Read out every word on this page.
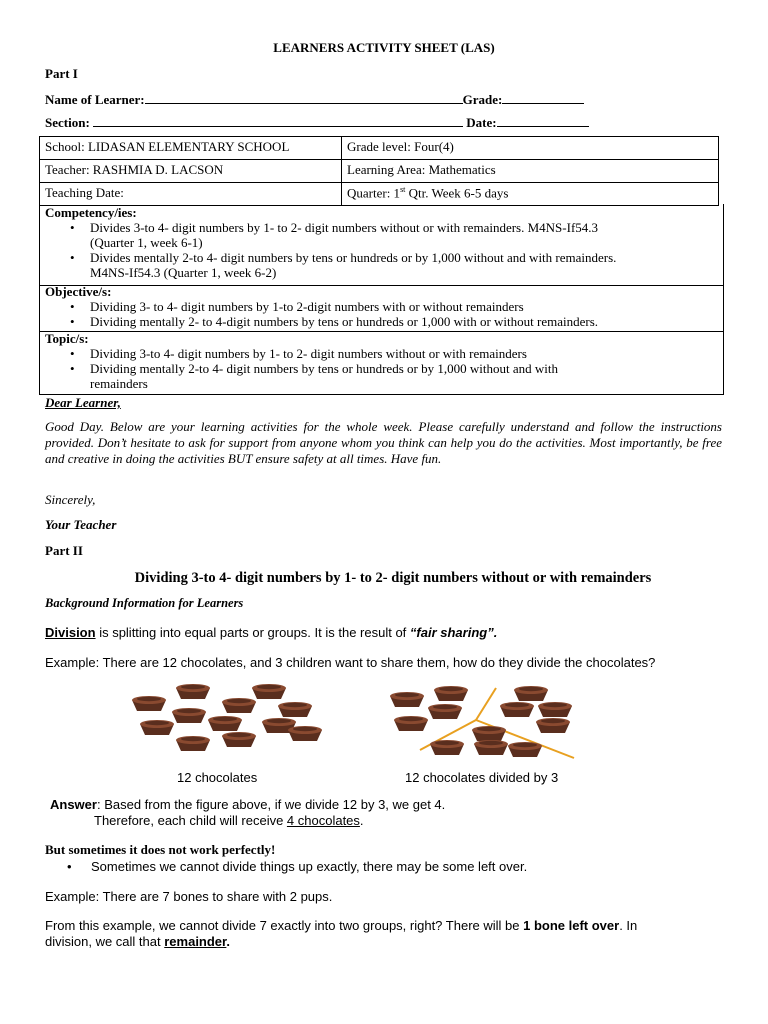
LEARNERS ACTIVITY SHEET (LAS)
Part I
Name of Learner:	Grade:
Section:	Date:
School: LIDASAN ELEMENTARY SCHOOL	Grade level: Four(4)
Teacher: RASHMIA D. LACSON	Learning Area: Mathematics
Teaching Date:	Quarter: 1st Qtr. Week 6-5 days
Competency/ies:
• Divides 3-to 4- digit numbers by 1- to 2- digit numbers without or with remainders. M4NS-If54.3
(Quarter 1, week 6-1)
• Divides mentally 2-to 4- digit numbers by tens or hundreds or by 1,000 without and with remainders.
M4NS-If54.3 (Quarter 1, week 6-2)
Objective/s:
• Dividing 3- to 4- digit numbers by 1-to 2-digit numbers with or without remainders
• Dividing mentally 2- to 4-digit numbers by tens or hundreds or 1,000 with or without remainders.
Topic/s:
• Dividing 3-to 4- digit numbers by 1- to 2- digit numbers without or with remainders
• Dividing mentally 2-to 4- digit numbers by tens or hundreds or by 1,000 without and with
remainders
Dear Learner,
Good Day. Below are your learning activities for the whole week. Please carefully understand and follow the instructions provided. Don’t hesitate to ask for support from anyone whom you think can help you do the activities. Most importantly, be free and creative in doing the activities BUT ensure safety at all times. Have fun.
Sincerely,
Your Teacher
Part II
Dividing 3-to 4- digit numbers by 1- to 2- digit numbers without or with remainders
Background Information for Learners
Division is splitting into equal parts or groups. It is the result of “fair sharing”.
Example: There are 12 chocolates, and 3 children want to share them, how do they divide the chocolates?
12 chocolates	12 chocolates divided by 3
Answer: Based from the figure above, if we divide 12 by 3, we get 4.
Therefore, each child will receive 4 chocolates.
But sometimes it does not work perfectly!
• Sometimes we cannot divide things up exactly, there may be some left over.
Example: There are 7 bones to share with 2 pups.
From this example, we cannot divide 7 exactly into two groups, right? There will be 1 bone left over. In
division, we call that remainder.
